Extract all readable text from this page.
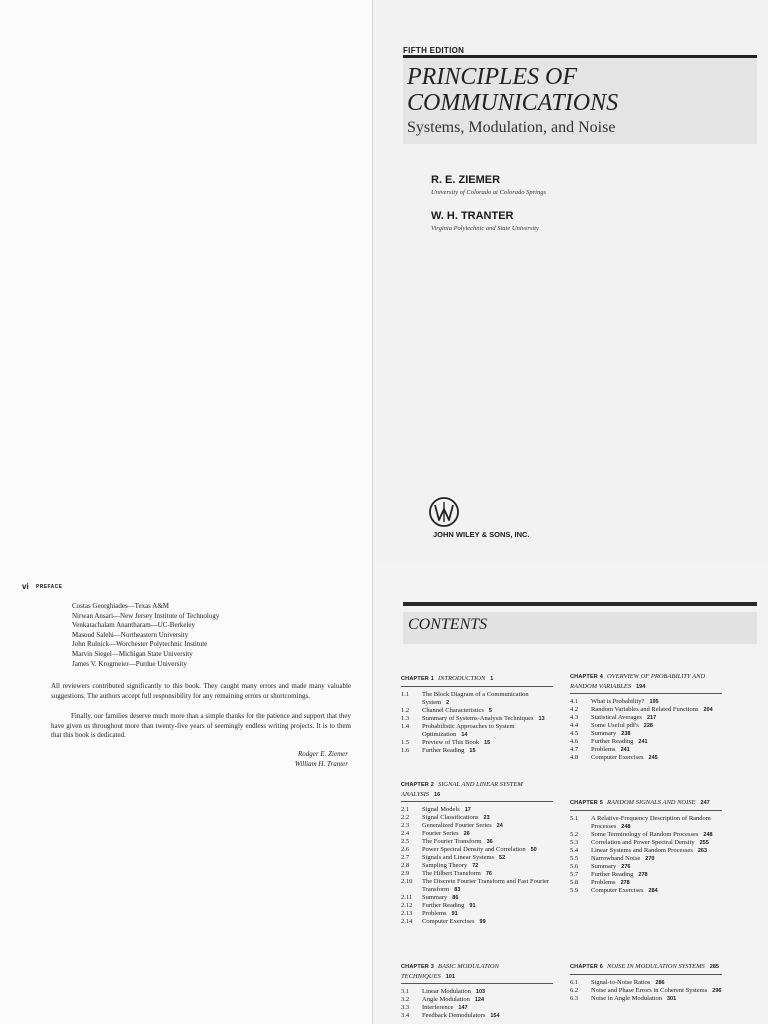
FIFTH EDITION
PRINCIPLES OF
COMMUNICATIONS
Systems, Modulation, and Noise
R. E. ZIEMER
University of Colorado at Colorado Springs
W. H. TRANTER
Virginia Polytechnic and State University
JOHN WILEY & SONS, INC.
vi PREFACE
Costas Georghiades—Texas A&M
Nirwan Ansari—New Jersey Institute of Technology
Venkatachalam Anantharam—UC-Berkeley
Masoud Salehi—Northeastern University
John Rulnick—Worchester Polytechnic Institute
Marvin Siegel—Michigan State University
James V. Krogmeier—Purdue University

All reviewers contributed significantly to this book. They caught many errors and made many valuable suggestions. The authors accept full responsibility for any remaining errors or shortcomings.

Finally, our families deserve much more than a simple thanks for the patience and support that they have given us throughout more than twenty-five years of seemingly endless writing projects. It is to them that this book is dedicated.

Rodger E. Ziemer
William H. Tranter
CONTENTS
CHAPTER 1 INTRODUCTION 1
1.1	The Block Diagram of a Communication System 2
1.2	Channel Characteristics 5
1.3	Summary of Systems-Analysis Techniques 13
1.4	Probabilistic Approaches to System Optimization 14
1.5	Preview of This Book 15
1.6	Further Reading 15
CHAPTER 2 SIGNAL AND LINEAR SYSTEM ANALYSIS 16
2.1	Signal Models 17
2.2	Signal Classifications 23
2.3	Generalized Fourier Series 24
2.4	Fourier Series 26
2.5	The Fourier Transform 36
2.6	Power Spectral Density and Correlation 50
2.7	Signals and Linear Systems 52
2.8	Sampling Theory 72
2.9	The Hilbert Transform 76
2.10	The Discrete Fourier Transform and Fast Fourier Transform 83
2.11	Summary 86
2.12	Further Reading 91
2.13	Problems 91
2.14	Computer Exercises 99
CHAPTER 3 BASIC MODULATION TECHNIQUES 101
3.1	Linear Modulation 103
3.2	Angle Modulation 124
3.3	Interference 147
3.4	Feedback Demodulators 154
CHAPTER 4 OVERVIEW OF PROBABILITY AND RANDOM VARIABLES 194
4.1	What is Probability? 195
4.2	Random Variables and Related Functions 204
4.3	Statistical Averages 217
4.4	Some Useful pdf's 228
4.5	Summary 238
4.6	Further Reading 241
4.7	Problems 241
4.8	Computer Exercises 245
CHAPTER 5 RANDOM SIGNALS AND NOISE 247
5.1	A Relative-Frequency Description of Random Processes 248
5.2	Some Terminology of Random Processes 248
5.3	Correlation and Power Spectral Density 255
5.4	Linear Systems and Random Processes 263
5.5	Narrowband Noise 270
5.6	Summary 276
5.7	Further Reading 278
5.8	Problems 278
5.9	Computer Exercises 284
CHAPTER 6 NOISE IN MODULATION SYSTEMS 285
6.1	Signal-to-Noise Ratios 286
6.2	Noise and Phase Errors in Coherent Systems 296
6.3	Noise in Angle Modulation 301
